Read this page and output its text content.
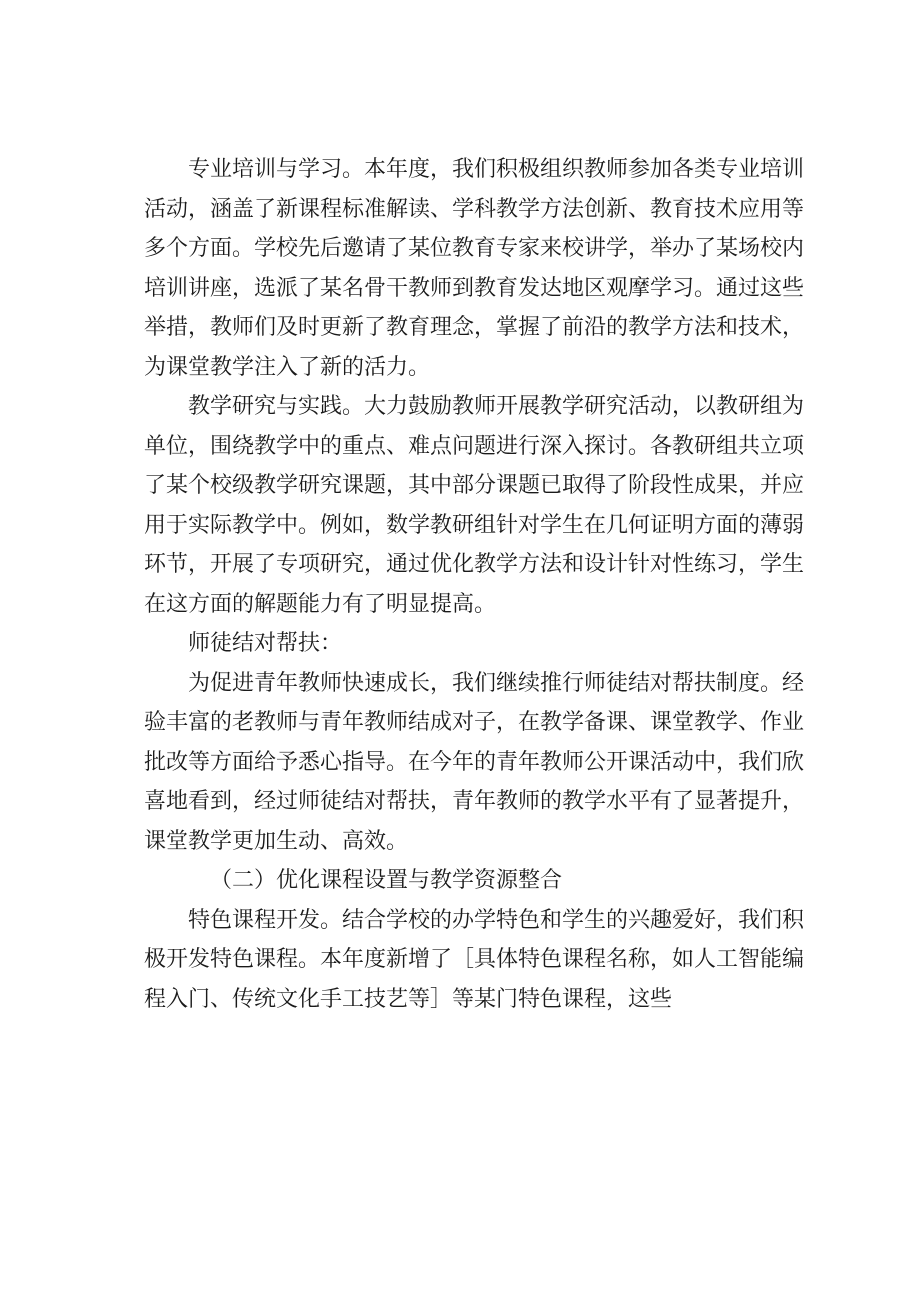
专业培训与学习。本年度，我们积极组织教师参加各类专业培训活动，涵盖了新课程标准解读、学科教学方法创新、教育技术应用等多个方面。学校先后邀请了某位教育专家来校讲学，举办了某场校内培训讲座，选派了某名骨干教师到教育发达地区观摩学习。通过这些举措，教师们及时更新了教育理念，掌握了前沿的教学方法和技术，为课堂教学注入了新的活力。

教学研究与实践。大力鼓励教师开展教学研究活动，以教研组为单位，围绕教学中的重点、难点问题进行深入探讨。各教研组共立项了某个校级教学研究课题，其中部分课题已取得了阶段性成果，并应用于实际教学中。例如，数学教研组针对学生在几何证明方面的薄弱环节，开展了专项研究，通过优化教学方法和设计针对性练习，学生在这方面的解题能力有了明显提高。

师徒结对帮扶：

为促进青年教师快速成长，我们继续推行师徒结对帮扶制度。经验丰富的老教师与青年教师结成对子，在教学备课、课堂教学、作业批改等方面给予悉心指导。在今年的青年教师公开课活动中，我们欣喜地看到，经过师徒结对帮扶，青年教师的教学水平有了显著提升，课堂教学更加生动、高效。

（二）优化课程设置与教学资源整合

特色课程开发。结合学校的办学特色和学生的兴趣爱好，我们积极开发特色课程。本年度新增了［具体特色课程名称，如人工智能编程入门、传统文化手工技艺等］等某门特色课程，这些
